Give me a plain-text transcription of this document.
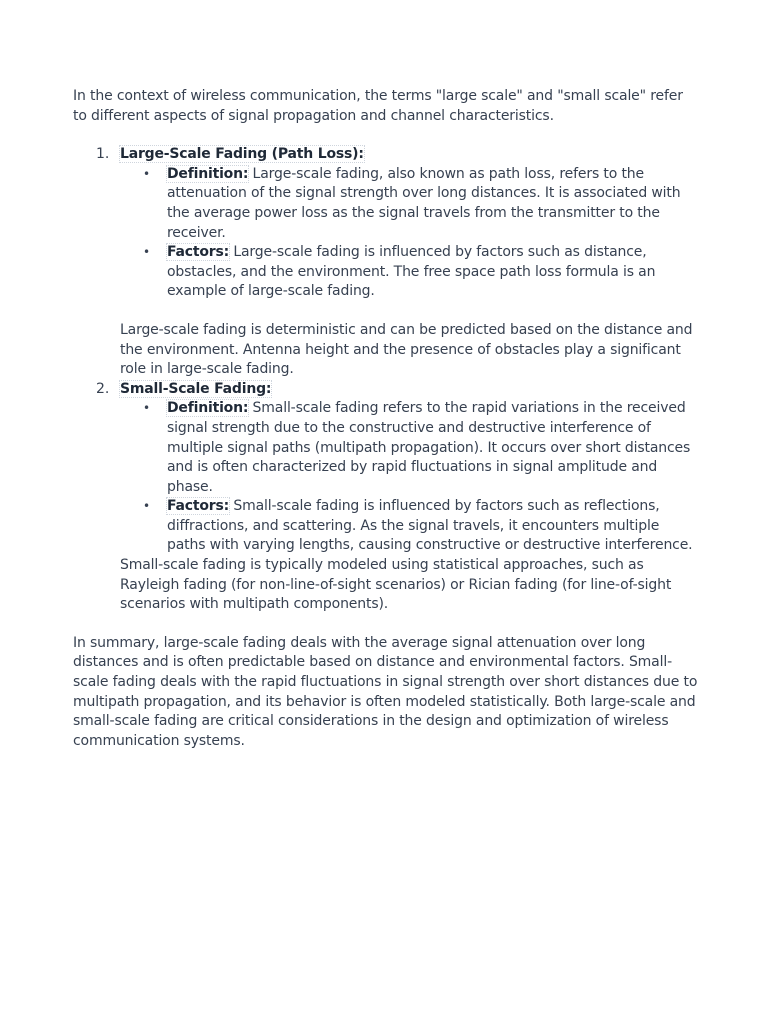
In the context of wireless communication, the terms "large scale" and "small scale" refer to different aspects of signal propagation and channel characteristics.

1. Large-Scale Fading (Path Loss):
• Definition: Large-scale fading, also known as path loss, refers to the attenuation of the signal strength over long distances. It is associated with the average power loss as the signal travels from the transmitter to the receiver.
• Factors: Large-scale fading is influenced by factors such as distance, obstacles, and the environment. The free space path loss formula is an example of large-scale fading.

Large-scale fading is deterministic and can be predicted based on the distance and the environment. Antenna height and the presence of obstacles play a significant role in large-scale fading.

2. Small-Scale Fading:
• Definition: Small-scale fading refers to the rapid variations in the received signal strength due to the constructive and destructive interference of multiple signal paths (multipath propagation). It occurs over short distances and is often characterized by rapid fluctuations in signal amplitude and phase.
• Factors: Small-scale fading is influenced by factors such as reflections, diffractions, and scattering. As the signal travels, it encounters multiple paths with varying lengths, causing constructive or destructive interference.

Small-scale fading is typically modeled using statistical approaches, such as Rayleigh fading (for non-line-of-sight scenarios) or Rician fading (for line-of-sight scenarios with multipath components).

In summary, large-scale fading deals with the average signal attenuation over long distances and is often predictable based on distance and environmental factors. Small-scale fading deals with the rapid fluctuations in signal strength over short distances due to multipath propagation, and its behavior is often modeled statistically. Both large-scale and small-scale fading are critical considerations in the design and optimization of wireless communication systems.
